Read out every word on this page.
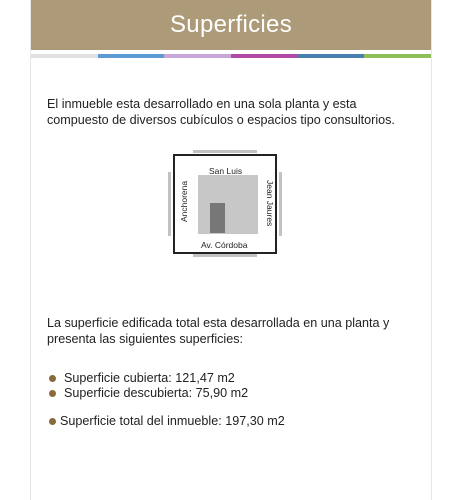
Superficies
El inmueble esta desarrollado en una sola planta y esta compuesto de diversos cubículos o espacios tipo consultorios.
San Luis
Av. Córdoba
Anchorena	Jean Jaures
La superficie edificada total esta desarrollada en una planta y presenta las siguientes superficies:
Superficie cubierta: 121,47 m2
Superficie descubierta: 75,90 m2
Superficie total del inmueble: 197,30 m2
